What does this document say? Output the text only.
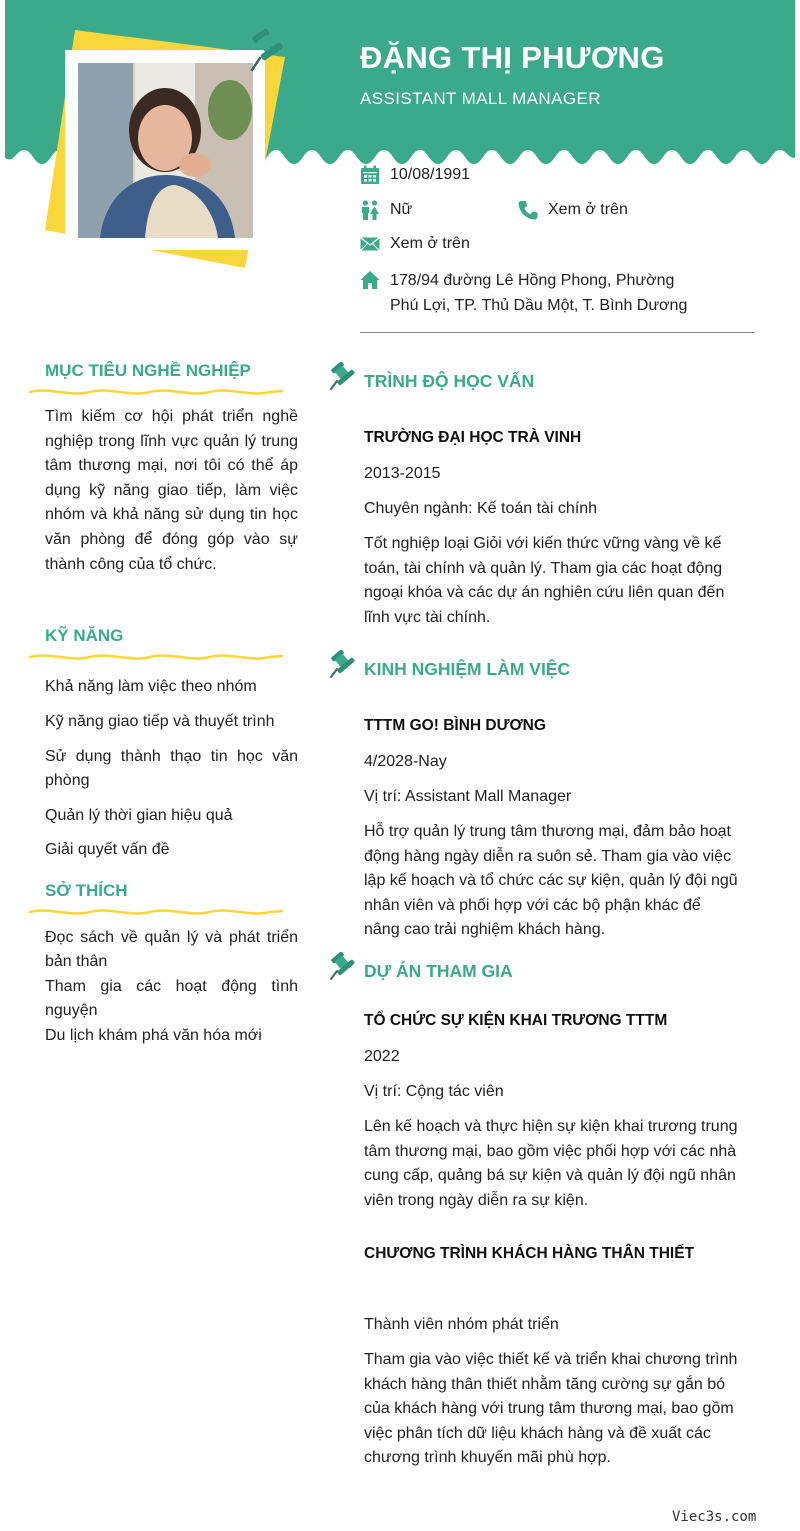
ĐẶNG THỊ PHƯƠNG
ASSISTANT MALL MANAGER
10/08/1991
Nữ	Xem ở trên
Xem ở trên
178/94 đường Lê Hồng Phong, Phường
Phú Lợi, TP. Thủ Dầu Một, T. Bình Dương
MỤC TIÊU NGHỀ NGHIỆP
Tìm kiếm cơ hội phát triển nghề nghiệp trong lĩnh vực quản lý trung tâm thương mại, nơi tôi có thể áp dụng kỹ năng giao tiếp, làm việc nhóm và khả năng sử dụng tin học văn phòng để đóng góp vào sự thành công của tổ chức.
KỸ NĂNG
Khả năng làm việc theo nhóm
Kỹ năng giao tiếp và thuyết trình
Sử dụng thành thạo tin học văn phòng
Quản lý thời gian hiệu quả
Giải quyết vấn đề
SỞ THÍCH
Đọc sách về quản lý và phát triển bản thân
Tham gia các hoạt động tình nguyện
Du lịch khám phá văn hóa mới
TRÌNH ĐỘ HỌC VẤN
TRƯỜNG ĐẠI HỌC TRÀ VINH
2013-2015
Chuyên ngành: Kế toán tài chính
Tốt nghiệp loại Giỏi với kiến thức vững vàng về kế toán, tài chính và quản lý. Tham gia các hoạt động ngoại khóa và các dự án nghiên cứu liên quan đến lĩnh vực tài chính.
KINH NGHIỆM LÀM VIỆC
TTTM GO! BÌNH DƯƠNG
4/2028-Nay
Vị trí: Assistant Mall Manager
Hỗ trợ quản lý trung tâm thương mại, đảm bảo hoạt động hàng ngày diễn ra suôn sẻ. Tham gia vào việc lập kế hoạch và tổ chức các sự kiện, quản lý đội ngũ nhân viên và phối hợp với các bộ phận khác để nâng cao trải nghiệm khách hàng.
DỰ ÁN THAM GIA
TỔ CHỨC SỰ KIỆN KHAI TRƯƠNG TTTM
2022
Vị trí: Cộng tác viên
Lên kế hoạch và thực hiện sự kiện khai trương trung tâm thương mại, bao gồm việc phối hợp với các nhà cung cấp, quảng bá sự kiện và quản lý đội ngũ nhân viên trong ngày diễn ra sự kiện.
CHƯƠNG TRÌNH KHÁCH HÀNG THÂN THIẾT
Thành viên nhóm phát triển
Tham gia vào việc thiết kế và triển khai chương trình khách hàng thân thiết nhằm tăng cường sự gắn bó của khách hàng với trung tâm thương mại, bao gồm việc phân tích dữ liệu khách hàng và đề xuất các chương trình khuyến mãi phù hợp.
Viec3s.com
